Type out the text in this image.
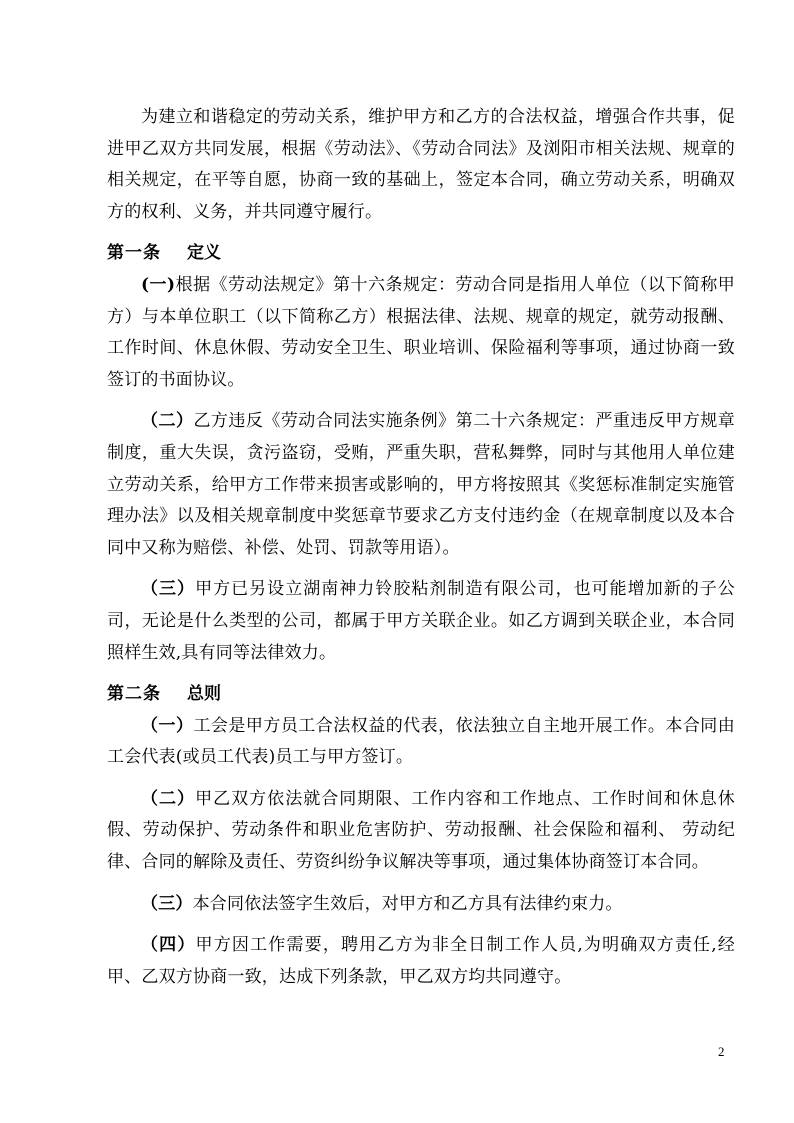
为建立和谐稳定的劳动关系，维护甲方和乙方的合法权益，增强合作共事，促进甲乙双方共同发展，根据《劳动法》、《劳动合同法》及浏阳市相关法规、规章的相关规定，在平等自愿，协商一致的基础上，签定本合同，确立劳动关系，明确双方的权利、义务，并共同遵守履行。

第一条 定义

(一)根据《劳动法规定》第十六条规定：劳动合同是指用人单位（以下简称甲方）与本单位职工（以下简称乙方）根据法律、法规、规章的规定，就劳动报酬、工作时间、休息休假、劳动安全卫生、职业培训、保险福利等事项，通过协商一致签订的书面协议。

（二）乙方违反《劳动合同法实施条例》第二十六条规定：严重违反甲方规章制度，重大失误，贪污盗窃，受贿，严重失职，营私舞弊，同时与其他用人单位建立劳动关系，给甲方工作带来损害或影响的，甲方将按照其《奖惩标准制定实施管理办法》以及相关规章制度中奖惩章节要求乙方支付违约金（在规章制度以及本合同中又称为赔偿、补偿、处罚、罚款等用语）。

（三）甲方已另设立湖南神力铃胶粘剂制造有限公司，也可能增加新的子公司，无论是什么类型的公司，都属于甲方关联企业。如乙方调到关联企业，本合同照样生效,具有同等法律效力。

第二条 总则

（一）工会是甲方员工合法权益的代表，依法独立自主地开展工作。本合同由工会代表(或员工代表)员工与甲方签订。

（二）甲乙双方依法就合同期限、工作内容和工作地点、工作时间和休息休假、劳动保护、劳动条件和职业危害防护、劳动报酬、社会保险和福利、 劳动纪律、合同的解除及责任、劳资纠纷争议解决等事项，通过集体协商签订本合同。

（三）本合同依法签字生效后，对甲方和乙方具有法律约束力。

（四）甲方因工作需要，聘用乙方为非全日制工作人员,为明确双方责任,经甲、乙双方协商一致，达成下列条款，甲乙双方均共同遵守。

2
